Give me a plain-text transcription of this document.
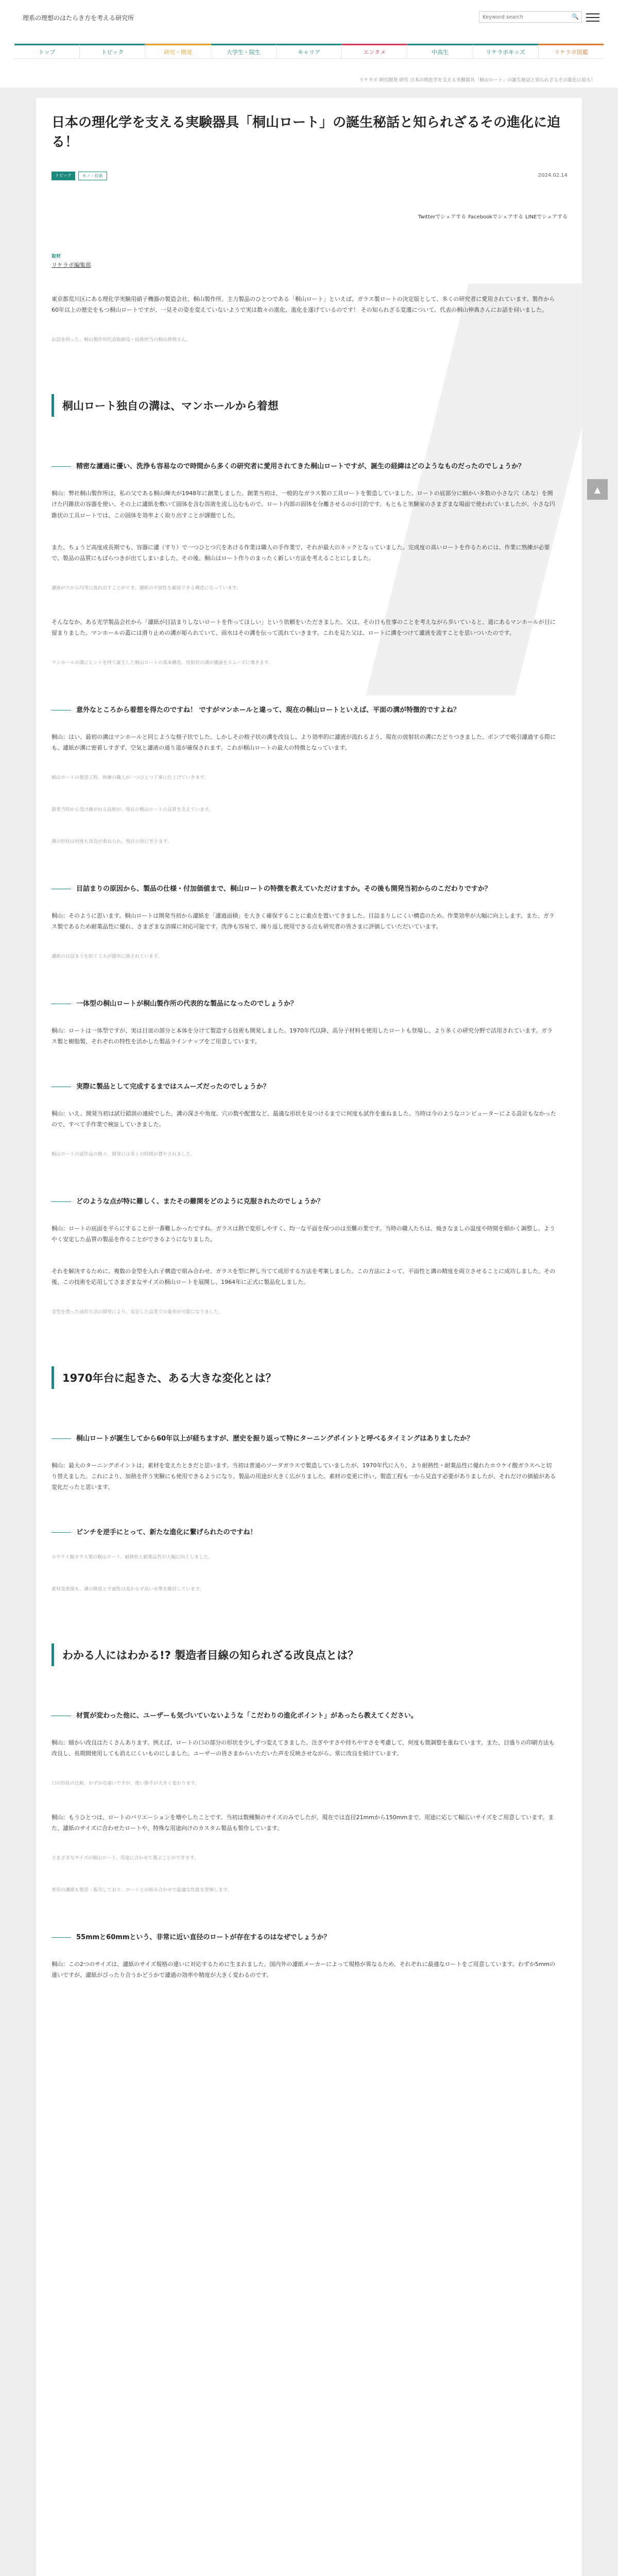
理系の理想のはたらき方を考える研究所
Keyword search	🔍
トップ	トピック	研究・開発	大学生・院生	キャリア	エンタメ	中高生	リケラボキッズ	リケラボ図鑑
リケラボ 研究開発 研究 日本の理化学を支える実験器具「桐山ロート」の誕生秘話と知られざるその進化に迫る！
日本の理化学を支える実験器具「桐山ロート」の誕生秘話と知られざるその進化に迫る！
トピック	モノ・技術	2024.02.14
Twitterでシェアする Facebookでシェアする LINEでシェアする
取材
リケラボ編集部

東京都荒川区にある理化学実験用硝子機器の製造会社、桐山製作所。主力製品のひとつである「桐山ロート」といえば、ガラス製ロートの決定版として、多くの研究者に愛用されています。製作から60年以上の歴史をもつ桐山ロートですが、一見その姿を変えていないようで実は数々の進化、進化を遂げているのです！ その知られざる変遷について、代表の桐山伸典さんにお話を伺いました。

お話を伺った、桐山製作所代表取締役・技術担当の桐山伸典さん。

桐山ロート独自の溝は、マンホールから着想
精密な濾過に優い、洗浄も容易なので時間から多くの研究者に愛用されてきた桐山ロートですが、誕生の経緯はどのようなものだったのでしょうか？

桐山：弊社桐山製作所は、私の父である桐山輝夫が1948年に創業しました。創業当初は、一般的なガラス製の工具ロートを製造していました。ロートの底部分に細かい多数の小さな穴（あな）を開けた円錐状の容器を使い、その上に濾紙を敷いて固体を含む溶液を流し込むもので、ロート内部の固体を分離させるのが目的です。もともと実験室のさまざまな場面で使われていましたが、小さな円錐状の工具ロートでは、この固体を効率よく取り出すことが課題でした。

また、ちょうど高度成長期でも、容器に濾（すり）で一つひとつ穴をあける作業は職人の手作業で、それが最大のネックとなっていました。完成度の高いロートを作るためには、作業に熟練が必要で、製品の品質にもばらつきが出てしまいました。その後、桐山はロート作りのまったく新しい方法を考えることにしました。

濾液が穴から均等に流れ出すことができ、濾紙の平面性を確保できる構造になっています。

そんななか、ある光学製品会社から「濾紙が目詰まりしないロートを作ってほしい」という依頼をいただきました。父は、その日も仕事のことを考えながら歩いていると、道にあるマンホールが目に留まりました。マンホールの蓋には滑り止めの溝が彫られていて、雨水はその溝を伝って流れていきます。これを見た父は、ロートに溝をつけて濾液を流すことを思いついたのです。

マンホールの溝にヒントを得て誕生した桐山ロートの基本構造。放射状の溝が濾液をスムーズに導きます。

意外なところから着想を得たのですね！ ですがマンホールと違って、現在の桐山ロートといえば、平面の溝が特徴的ですよね？

桐山：はい、最初の溝はマンホールと同じような格子状でした。しかしその格子状の溝を改良し、より効率的に濾液が流れるよう、現在の放射状の溝にたどりつきました。ポンプで吸引濾過する際にも、濾紙が溝に密着しすぎず、空気と濾液の通り道が確保されます。これが桐山ロートの最大の特徴となっています。

桐山ロートの製造工程。熟練の職人が一つひとつ丁寧に仕上げていきます。

創業当時から受け継がれる技術が、現在の桐山ロートの品質を支えています。

溝の形状は何度も改良が重ねられ、現在の形に至ります。

目詰まりの原因から、製品の仕様・付加価値まで、桐山ロートの特徴を教えていただけますか。その後も開発当初からのこだわりですか？

桐山：そのように思います。桐山ロートは開発当初から濾紙を「濾過面積」を大きく確保することに重点を置いてきました。目詰まりしにくい構造のため、作業効率が大幅に向上します。また、ガラス製であるため耐薬品性に優れ、さまざまな溶媒に対応可能です。洗浄も容易で、繰り返し使用できる点も研究者の皆さまに評価していただいています。

濾紙の目詰まりを防ぐ工夫が随所に施されています。

一体型の桐山ロートが桐山製作所の代表的な製品になったのでしょうか？

桐山：ロートは一体型ですが、実は目皿の部分と本体を分けて製造する技術も開発しました。1970年代以降、高分子材料を使用したロートも登場し、より多くの研究分野で活用されています。ガラス製と樹脂製、それぞれの特性を活かした製品ラインナップをご用意しています。

実際に製品として完成するまではスムーズだったのでしょうか？

桐山：いえ、開発当初は試行錯誤の連続でした。溝の深さや角度、穴の数や配置など、最適な形状を見つけるまでに何度も試作を重ねました。当時は今のようなコンピューターによる設計もなかったので、すべて手作業で検証していきました。

桐山ロートの試作品の数々。開発には多くの時間が費やされました。

どのような点が特に難しく、またその難関をどのように克服されたのでしょうか？

桐山：ロートの底面を平らにすることが一番難しかったですね。ガラスは熱で変形しやすく、均一な平面を保つのは至難の業です。当時の職人たちは、焼きなましの温度や時間を細かく調整し、ようやく安定した品質の製品を作ることができるようになりました。

それを解決するために、複数の金型を入れ子構造で組み合わせ、ガラスを型に押し当てて成形する方法を考案しました。この方法によって、平面性と溝の精度を両立させることに成功しました。その後、この技術を応用してさまざまなサイズの桐山ロートを展開し、1964年に正式に製品化しました。

金型を使った成形方法の開発により、安定した品質での量産が可能になりました。

1970年台に起きた、ある大きな変化とは？
桐山ロートが誕生してから60年以上が経ちますが、歴史を振り返って特にターニングポイントと呼べるタイミングはありましたか？

桐山：最大のターニングポイントは、素材を変えたときだと思います。当初は普通のソーダガラスで製造していましたが、1970年代に入り、より耐熱性・耐薬品性に優れたホウケイ酸ガラスへと切り替えました。これにより、加熱を伴う実験にも使用できるようになり、製品の用途が大きく広がりました。素材の変更に伴い、製造工程も一から見直す必要がありましたが、それだけの価値がある変化だったと思います。

ピンチを逆手にとって、新たな進化に繋げられたのですね！

ホウケイ酸ガラス製の桐山ロート。耐熱性と耐薬品性が大幅に向上しました。

素材変更後も、溝の精度と平面性は変わらず高い水準を維持しています。

わかる人にはわかる!? 製造者目線の知られざる改良点とは？
材質が変わった他に、ユーザーも気づいていないような「こだわりの進化ポイント」があったら教えてください。

桐山：細かい改良はたくさんあります。例えば、ロートの口の部分の形状を少しずつ変えてきました。注ぎやすさや持ちやすさを考慮して、何度も微調整を重ねています。また、目盛りの印刷方法も改良し、長期間使用しても消えにくいものにしました。ユーザーの皆さまからいただいた声を反映させながら、常に改良を続けています。

口の形状の比較。わずかな違いですが、使い勝手が大きく変わります。

桐山：もうひとつは、ロートのバリエーションを増やしたことです。当初は数種類のサイズのみでしたが、現在では直径21mmから150mmまで、用途に応じて幅広いサイズをご用意しています。また、濾紙のサイズに合わせたロートや、特殊な用途向けのカスタム製品も製作しています。

さまざまなサイズの桐山ロート。用途に合わせて選ぶことができます。

専用の濾紙も製造・販売しており、ロートとの組み合わせで最適な性能を発揮します。

55mmと60mmという、非常に近い直径のロートが存在するのはなぜでしょうか？

桐山：この2つのサイズは、濾紙のサイズ規格の違いに対応するために生まれました。国内外の濾紙メーカーによって規格が異なるため、それぞれに最適なロートをご用意しています。わずか5mmの違いですが、濾紙がぴったり合うかどうかで濾過の効率や精度が大きく変わるのです。

▲
